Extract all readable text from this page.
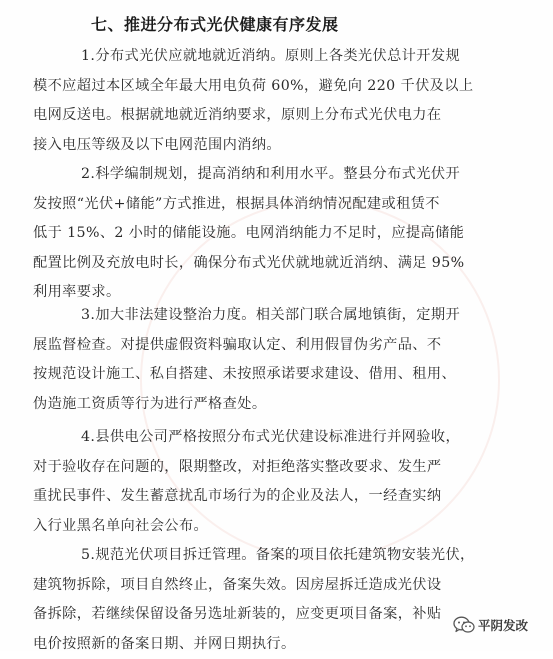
七、推进分布式光伏健康有序发展

1.分布式光伏应就地就近消纳。原则上各类光伏总计开发规
模不应超过本区域全年最大用电负荷 60%，避免向 220 千伏及以上
电网反送电。根据就地就近消纳要求，原则上分布式光伏电力在
接入电压等级及以下电网范围内消纳。

2.科学编制规划，提高消纳和利用水平。整县分布式光伏开
发按照“光伏+储能”方式推进，根据具体消纳情况配建或租赁不
低于 15%、2 小时的储能设施。电网消纳能力不足时，应提高储能
配置比例及充放电时长，确保分布式光伏就地就近消纳、满足 95%
利用率要求。

3.加大非法建设整治力度。相关部门联合属地镇街，定期开
展监督检查。对提供虚假资料骗取认定、利用假冒伪劣产品、不
按规范设计施工、私自搭建、未按照承诺要求建设、借用、租用、
伪造施工资质等行为进行严格查处。

4.县供电公司严格按照分布式光伏建设标准进行并网验收，
对于验收存在问题的，限期整改，对拒绝落实整改要求、发生严
重扰民事件、发生蓄意扰乱市场行为的企业及法人，一经查实纳
入行业黑名单向社会公布。

5.规范光伏项目拆迁管理。备案的项目依托建筑物安装光伏，
建筑物拆除，项目自然终止，备案失效。因房屋拆迁造成光伏设
备拆除，若继续保留设备另选址新装的，应变更项目备案，补贴
电价按照新的备案日期、并网日期执行。

平阴发改
